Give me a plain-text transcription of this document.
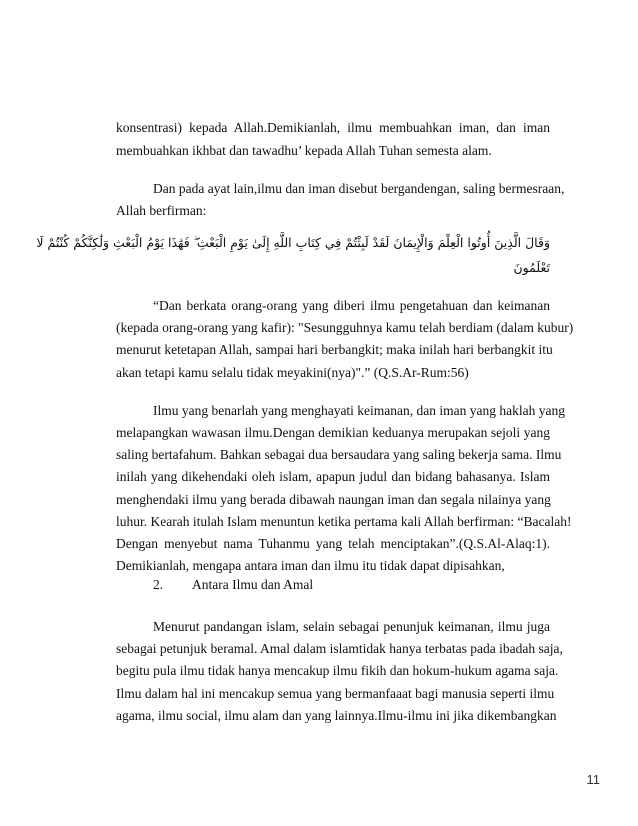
konsentrasi) kepada Allah.Demikianlah, ilmu membuahkan iman, dan iman
membuahkan ikhbat dan tawadhu’ kepada Allah Tuhan semesta alam.
Dan pada ayat lain,ilmu dan iman disebut bergandengan, saling bermesraan,
Allah berfirman:
وَقَالَ الَّذِينَ أُوتُوا الْعِلْمَ وَالْإِيمَانَ لَقَدْ لَبِثْتُمْ فِي كِتَابِ اللَّهِ إِلَىٰ يَوْمِ الْبَعْثِ ۖ فَهَٰذَا يَوْمُ الْبَعْثِ وَلَٰكِنَّكُمْ كُنْتُمْ لَا
تَعْلَمُونَ
“Dan berkata orang-orang yang diberi ilmu pengetahuan dan keimanan
(kepada orang-orang yang kafir): "Sesungguhnya kamu telah berdiam (dalam kubur)
menurut ketetapan Allah, sampai hari berbangkit; maka inilah hari berbangkit itu
akan tetapi kamu selalu tidak meyakini(nya)".” (Q.S.Ar-Rum:56)
Ilmu yang benarlah yang menghayati keimanan, dan iman yang haklah yang
melapangkan wawasan ilmu.Dengan demikian keduanya merupakan sejoli yang
saling bertafahum. Bahkan sebagai dua bersaudara yang saling bekerja sama. Ilmu
inilah yang dikehendaki oleh islam, apapun judul dan bidang bahasanya. Islam
menghendaki ilmu yang berada dibawah naungan iman dan segala nilainya yang
luhur. Kearah itulah Islam menuntun ketika pertama kali Allah berfirman: “Bacalah!
Dengan menyebut nama Tuhanmu yang telah menciptakan”.(Q.S.Al-Alaq:1).
Demikianlah, mengapa antara iman dan ilmu itu tidak dapat dipisahkan,
2. Antara Ilmu dan Amal
Menurut pandangan islam, selain sebagai penunjuk keimanan, ilmu juga
sebagai petunjuk beramal. Amal dalam islamtidak hanya terbatas pada ibadah saja,
begitu pula ilmu tidak hanya mencakup ilmu fikih dan hokum-hukum agama saja.
Ilmu dalam hal ini mencakup semua yang bermanfaaat bagi manusia seperti ilmu
agama, ilmu social, ilmu alam dan yang lainnya.Ilmu-ilmu ini jika dikembangkan
11
